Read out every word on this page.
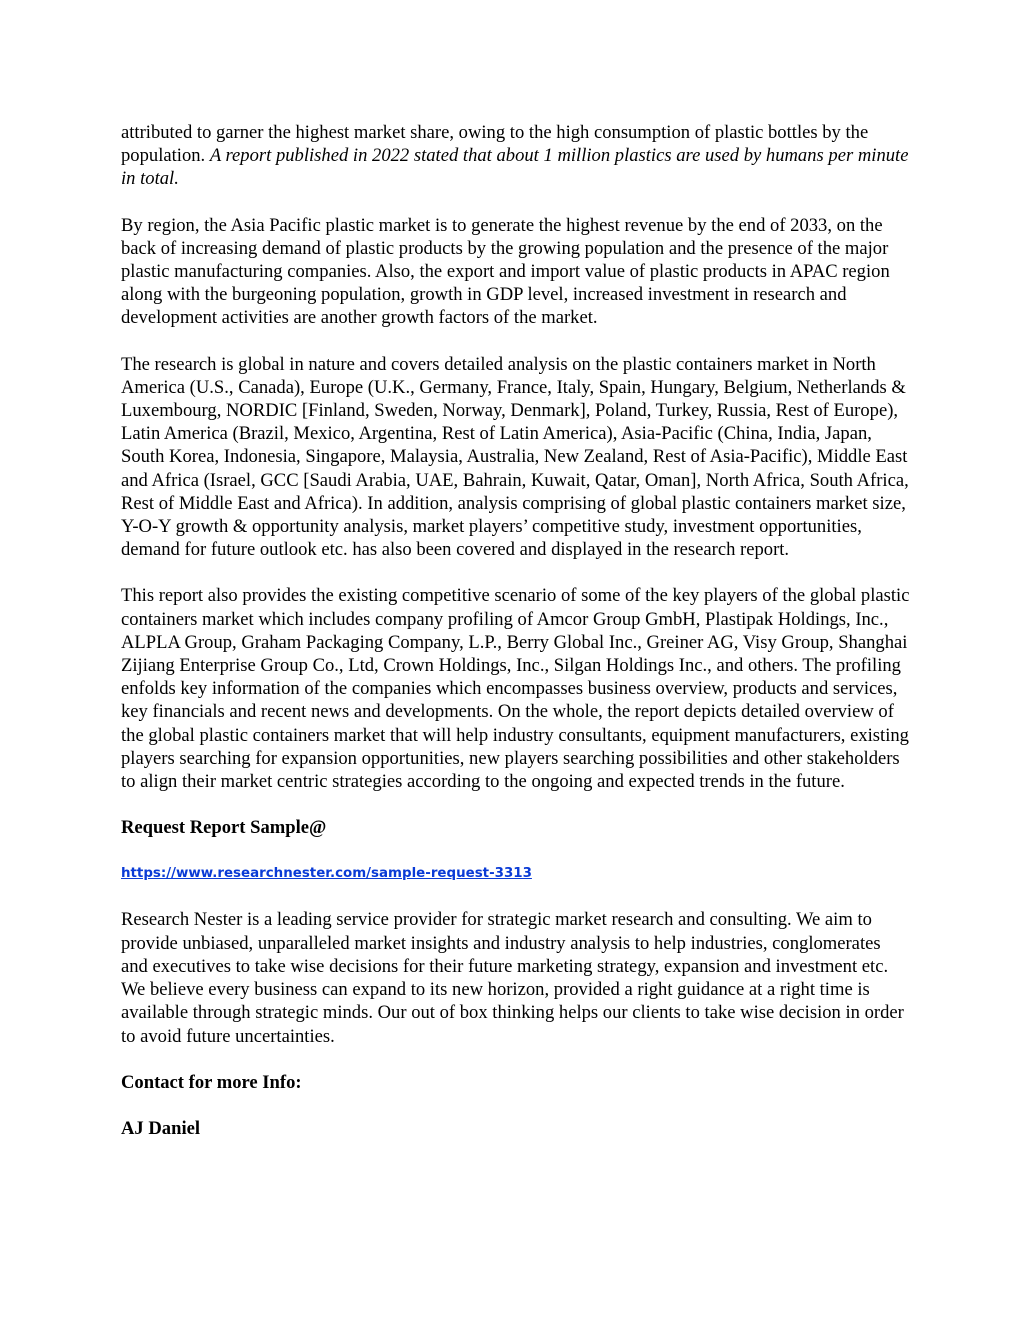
attributed to garner the highest market share, owing to the high consumption of plastic bottles by the population. A report published in 2022 stated that about 1 million plastics are used by humans per minute in total.

By region, the Asia Pacific plastic market is to generate the highest revenue by the end of 2033, on the back of increasing demand of plastic products by the growing population and the presence of the major plastic manufacturing companies. Also, the export and import value of plastic products in APAC region along with the burgeoning population, growth in GDP level, increased investment in research and development activities are another growth factors of the market.

The research is global in nature and covers detailed analysis on the plastic containers market in North America (U.S., Canada), Europe (U.K., Germany, France, Italy, Spain, Hungary, Belgium, Netherlands & Luxembourg, NORDIC [Finland, Sweden, Norway, Denmark], Poland, Turkey, Russia, Rest of Europe), Latin America (Brazil, Mexico, Argentina, Rest of Latin America), Asia-Pacific (China, India, Japan, South Korea, Indonesia, Singapore, Malaysia, Australia, New Zealand, Rest of Asia-Pacific), Middle East and Africa (Israel, GCC [Saudi Arabia, UAE, Bahrain, Kuwait, Qatar, Oman], North Africa, South Africa, Rest of Middle East and Africa). In addition, analysis comprising of global plastic containers market size, Y-O-Y growth & opportunity analysis, market players’ competitive study, investment opportunities, demand for future outlook etc. has also been covered and displayed in the research report.

This report also provides the existing competitive scenario of some of the key players of the global plastic containers market which includes company profiling of Amcor Group GmbH, Plastipak Holdings, Inc., ALPLA Group, Graham Packaging Company, L.P., Berry Global Inc., Greiner AG, Visy Group, Shanghai Zijiang Enterprise Group Co., Ltd, Crown Holdings, Inc., Silgan Holdings Inc., and others. The profiling enfolds key information of the companies which encompasses business overview, products and services, key financials and recent news and developments. On the whole, the report depicts detailed overview of the global plastic containers market that will help industry consultants, equipment manufacturers, existing players searching for expansion opportunities, new players searching possibilities and other stakeholders to align their market centric strategies according to the ongoing and expected trends in the future.

Request Report Sample@

https://www.researchnester.com/sample-request-3313

Research Nester is a leading service provider for strategic market research and consulting. We aim to provide unbiased, unparalleled market insights and industry analysis to help industries, conglomerates and executives to take wise decisions for their future marketing strategy, expansion and investment etc. We believe every business can expand to its new horizon, provided a right guidance at a right time is available through strategic minds. Our out of box thinking helps our clients to take wise decision in order to avoid future uncertainties.

Contact for more Info:

AJ Daniel
